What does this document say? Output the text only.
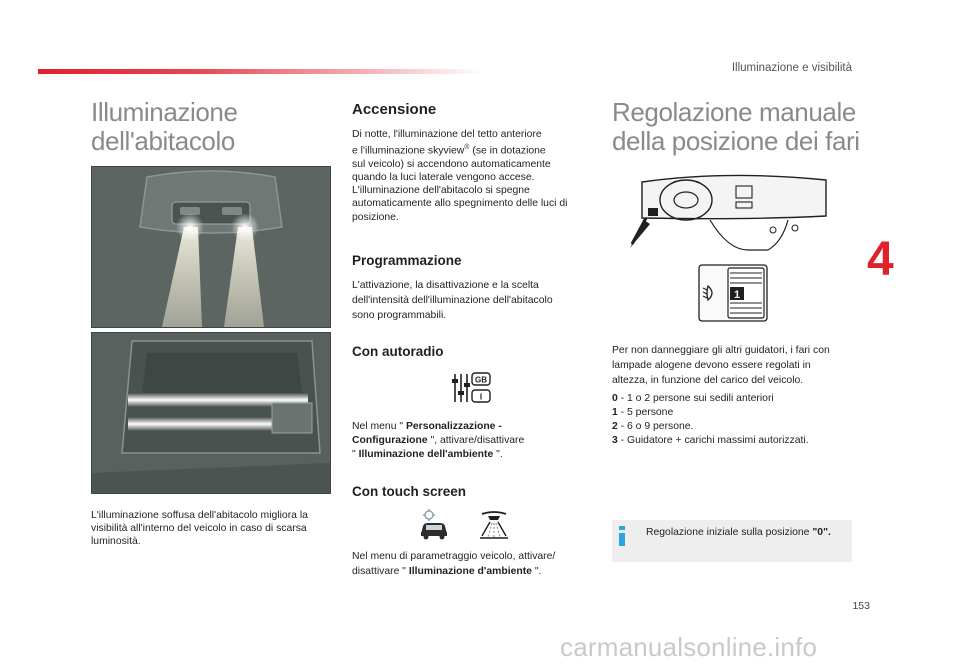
Illuminazione e visibilità
4
Illuminazione
dell'abitacolo
L'illuminazione soffusa dell'abitacolo migliora la
visibilità all'interno del veicolo in caso di scarsa
luminosità.
Accensione
Di notte, l'illuminazione del tetto anteriore
e l'illuminazione skyview® (se in dotazione
sul veicolo) si accendono automaticamente
quando la luci laterale vengono accese.
L'illuminazione dell'abitacolo si spegne
automaticamente allo spegnimento delle luci di
posizione.
Programmazione
L'attivazione, la disattivazione e la scelta
dell'intensità dell'illuminazione dell'abitacolo
sono programmabili.
Con autoradio
GB
I
Nel menu " Personalizzazione -
Configurazione ", attivare/disattivare
" Illuminazione dell'ambiente ".
Con touch screen
Nel menu di parametraggio veicolo, attivare/
disattivare " Illuminazione d'ambiente ".
Regolazione manuale
della posizione dei fari
1
Per non danneggiare gli altri guidatori, i fari con
lampade alogene devono essere regolati in
altezza, in funzione del carico del veicolo.
0 - 1 o 2 persone sui sedili anteriori
1 - 5 persone
2 - 6 o 9 persone.
3 - Guidatore + carichi massimi autorizzati.
Regolazione iniziale sulla posizione "0".
153
carmanualsonline.info
